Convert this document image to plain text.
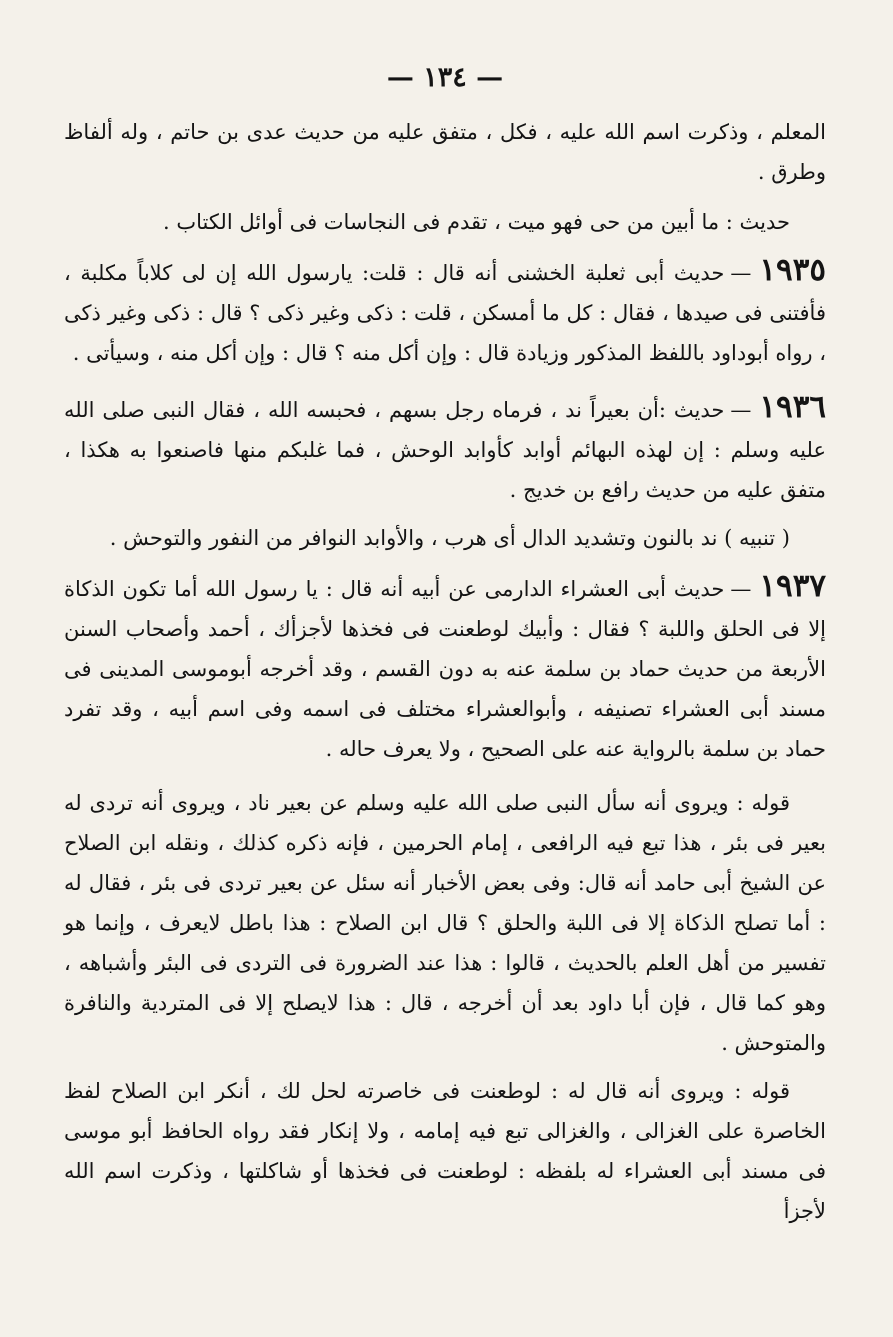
— ١٣٤ —

المعلم ، وذكرت اسم الله عليه ، فكل ، متفق عليه من حديث عدى بن حاتم ، وله ألفاظ وطرق .

حديث : ما أبين من حى فهو ميت ، تقدم فى النجاسات فى أوائل الكتاب .

١٩٣٥—حديث أبى ثعلبة الخشنى أنه قال : قلت: يارسول الله إن لى كلاباً مكلبة ، فأفتنى فى صيدها ، فقال : كل ما أمسكن ، قلت : ذكى وغير ذكى ؟ قال : ذكى وغير ذكى ، رواه أبوداود باللفظ المذكور وزيادة قال : وإن أكل منه ؟ قال : وإن أكل منه ، وسيأتى .

١٩٣٦—حديث :أن بعيراً ند ، فرماه رجل بسهم ، فحبسه الله ، فقال النبى صلى الله عليه وسلم : إن لهذه البهائم أوابد كأوابد الوحش ، فما غلبكم منها فاصنعوا به هكذا ، متفق عليه من حديث رافع بن خديج .

( تنبيه ) ند بالنون وتشديد الدال أى هرب ، والأوابد النوافر من النفور والتوحش .

١٩٣٧—حديث أبى العشراء الدارمى عن أبيه أنه قال : يا رسول الله أما تكون الذكاة إلا فى الحلق واللبة ؟ فقال : وأبيك لوطعنت فى فخذها لأجزأك ، أحمد وأصحاب السنن الأربعة من حديث حماد بن سلمة عنه به دون القسم ، وقد أخرجه أبوموسى المدينى فى مسند أبى العشراء تصنيفه ، وأبوالعشراء مختلف فى اسمه وفى اسم أبيه ، وقد تفرد حماد بن سلمة بالرواية عنه على الصحيح ، ولا يعرف حاله .

قوله : ويروى أنه سأل النبى صلى الله عليه وسلم عن بعير ناد ، ويروى أنه تردى له بعير فى بئر ، هذا تبع فيه الرافعى ، إمام الحرمين ، فإنه ذكره كذلك ، ونقله ابن الصلاح عن الشيخ أبى حامد أنه قال: وفى بعض الأخبار أنه سئل عن بعير تردى فى بئر ، فقال له : أما تصلح الذكاة إلا فى اللبة والحلق ؟ قال ابن الصلاح : هذا باطل لايعرف ، وإنما هو تفسير من أهل العلم بالحديث ، قالوا : هذا عند الضرورة فى التردى فى البئر وأشباهه ، وهو كما قال ، فإن أبا داود بعد أن أخرجه ، قال : هذا لايصلح إلا فى المتردية والنافرة والمتوحش .

قوله : ويروى أنه قال له : لوطعنت فى خاصرته لحل لك ، أنكر ابن الصلاح لفظ الخاصرة على الغزالى ، والغزالى تبع فيه إمامه ، ولا إنكار فقد رواه الحافظ أبو موسى فى مسند أبى العشراء له بلفظه : لوطعنت فى فخذها أو شاكلتها ، وذكرت اسم الله لأجزأ
